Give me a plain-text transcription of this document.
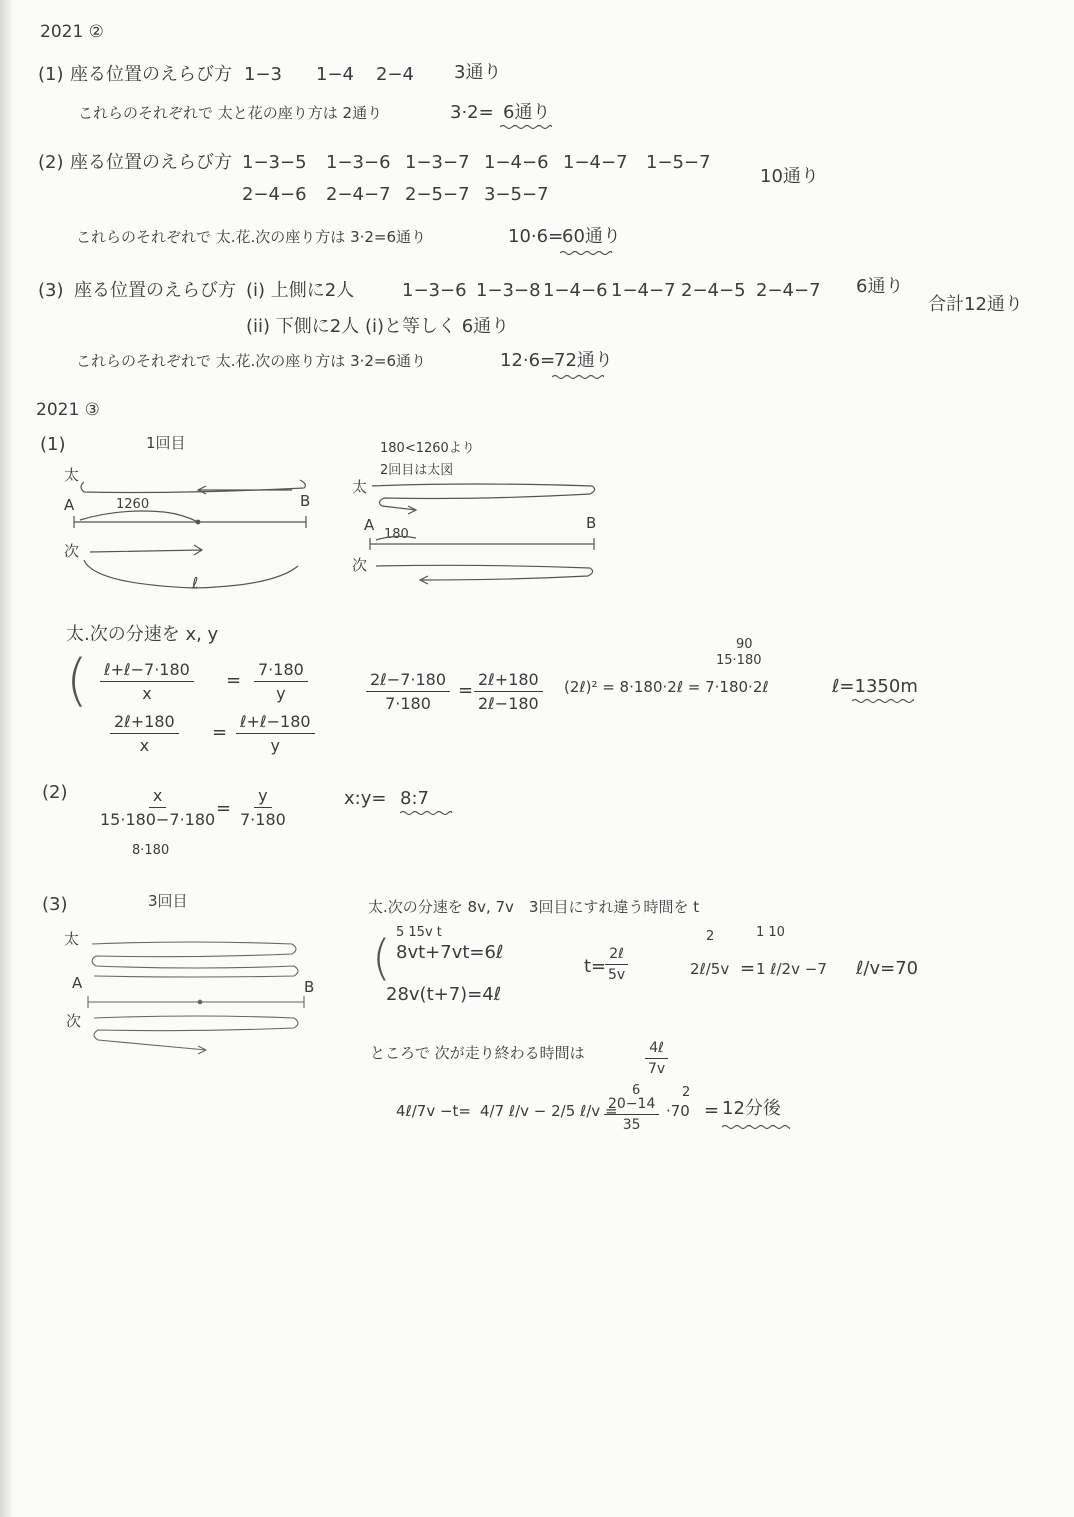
2021 ②
(1) 座る位置のえらび方 1−3 1−4 2−4 3通り
これらのそれぞれで 太と花の座り方は 2通り	3·2= 6通り
(2) 座る位置のえらび方 1−3−5 1−3−6 1−3−7 1−4−6 1−4−7 1−5−7
2−4−6 2−4−7 2−5−7 3−5−7
10通り
これらのそれぞれで 太.花.次の座り方は 3·2=6通り	10·6=
60通り
(3) 座る位置のえらび方 (i) 上側に2人	1−3−6 1−3−8 1−4−6 1−4−7 2−4−5 2−4−7 6通り
合計12通り
(ii) 下側に2人 (i)と等しく 6通り
これらのそれぞれで 太.花.次の座り方は 3·2=6通り	12·6=
72通り
2021 ③
(1)	1回目
太
A	B
1260
次
ℓ
180<1260より
2回目は太図
太
A	B
180
次
太.次の分速を x, y
( ℓ+ℓ−7·180
x
= $\frac{7\cdot 180}{y}$
2ℓ+180
x
=
ℓ+ℓ−180
y
2ℓ−7·180
7·180
=
2ℓ+180
2ℓ−180
90
15·180
(2ℓ)² = 8·180·2ℓ = 7·180·2ℓ	ℓ=1350m
$(2) \frac{x}{15\cdot 180-7\cdot 180}$
8·180
= $\frac{y}{7\cdot 180}$	x:y= 8:7
(3)	3回目
太
A	B
次
太.次の分速を 8v, 7v　3回目にすれ違う時間を t
5 15v t
( 8vt+7vt=6ℓ
28v(t+7)=4ℓ
t=
2ℓ
5v
2	1 10
2ℓ/5v = 1 ℓ/2v −7 ℓ/v=70
ところで 次が走り終わる時間は	4ℓ
7v
4ℓ/7v −t= 4/7 ℓ/v − 2/5 ℓ/v =
6
$\frac{20-14}{35}$
2
·70 = 12分後
